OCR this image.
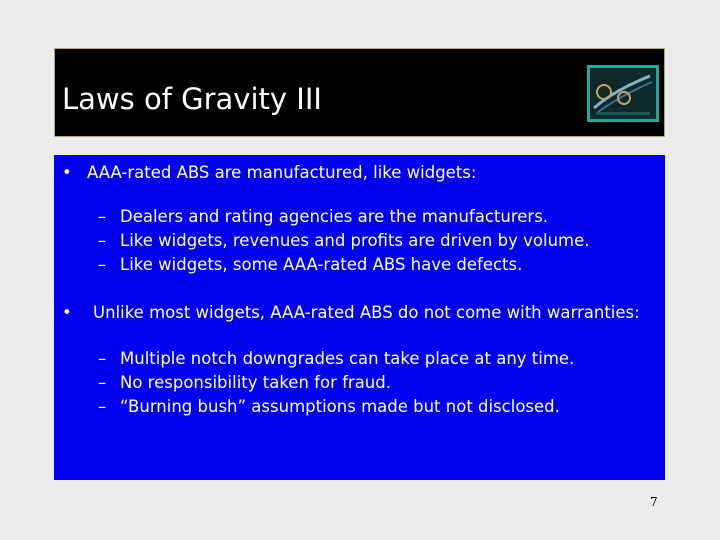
Laws of Gravity III
• AAA-rated ABS are manufactured, like widgets:
– Dealers and rating agencies are the manufacturers.
– Like widgets, revenues and profits are driven by volume.
– Like widgets, some AAA-rated ABS have defects.
• Unlike most widgets, AAA-rated ABS do not come with warranties:
– Multiple notch downgrades can take place at any time.
– No responsibility taken for fraud.
– “Burning bush” assumptions made but not disclosed.
7
